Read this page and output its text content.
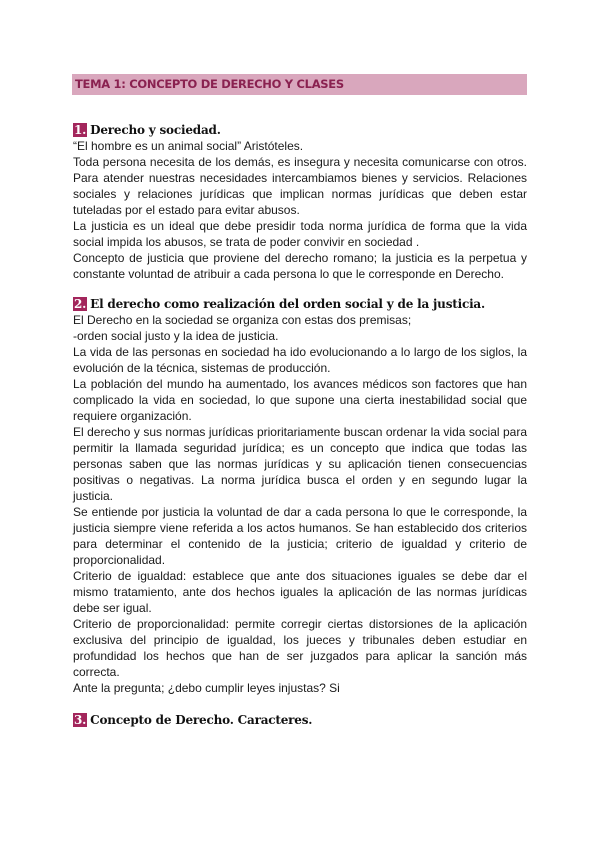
TEMA 1: CONCEPTO DE DERECHO Y CLASES
1. Derecho y sociedad.

“El hombre es un animal social” Aristóteles.

Toda persona necesita de los demás, es insegura y necesita comunicarse con otros. Para atender nuestras necesidades intercambiamos bienes y servicios. Relaciones sociales y relaciones jurídicas que implican normas jurídicas que deben estar tuteladas por el estado para evitar abusos.

La justicia es un ideal que debe presidir toda norma jurídica de forma que la vida social impida los abusos, se trata de poder convivir en sociedad .

Concepto de justicia que proviene del derecho romano; la justicia es la perpetua y constante voluntad de atribuir a cada persona lo que le corresponde en Derecho.

2. El derecho como realización del orden social y de la justicia.

El Derecho en la sociedad se organiza con estas dos premisas;

-orden social justo y la idea de justicia.

La vida de las personas en sociedad ha ido evolucionando a lo largo de los siglos, la evolución de la técnica, sistemas de producción.

La población del mundo ha aumentado, los avances médicos son factores que han complicado la vida en sociedad, lo que supone una cierta inestabilidad social que requiere organización.

El derecho y sus normas jurídicas prioritariamente buscan ordenar la vida social para permitir la llamada seguridad jurídica; es un concepto que indica que todas las personas saben que las normas jurídicas y su aplicación tienen consecuencias positivas o negativas. La norma jurídica busca el orden y en segundo lugar la justicia.

Se entiende por justicia la voluntad de dar a cada persona lo que le corresponde, la justicia siempre viene referida a los actos humanos. Se han establecido dos criterios para determinar el contenido de la justicia; criterio de igualdad y criterio de proporcionalidad.

Criterio de igualdad: establece que ante dos situaciones iguales se debe dar el mismo tratamiento, ante dos hechos iguales la aplicación de las normas jurídicas debe ser igual.

Criterio de proporcionalidad: permite corregir ciertas distorsiones de la aplicación exclusiva del principio de igualdad, los jueces y tribunales deben estudiar en profundidad los hechos que han de ser juzgados para aplicar la sanción más correcta.

Ante la pregunta; ¿debo cumplir leyes injustas? Si

3. Concepto de Derecho. Caracteres.
